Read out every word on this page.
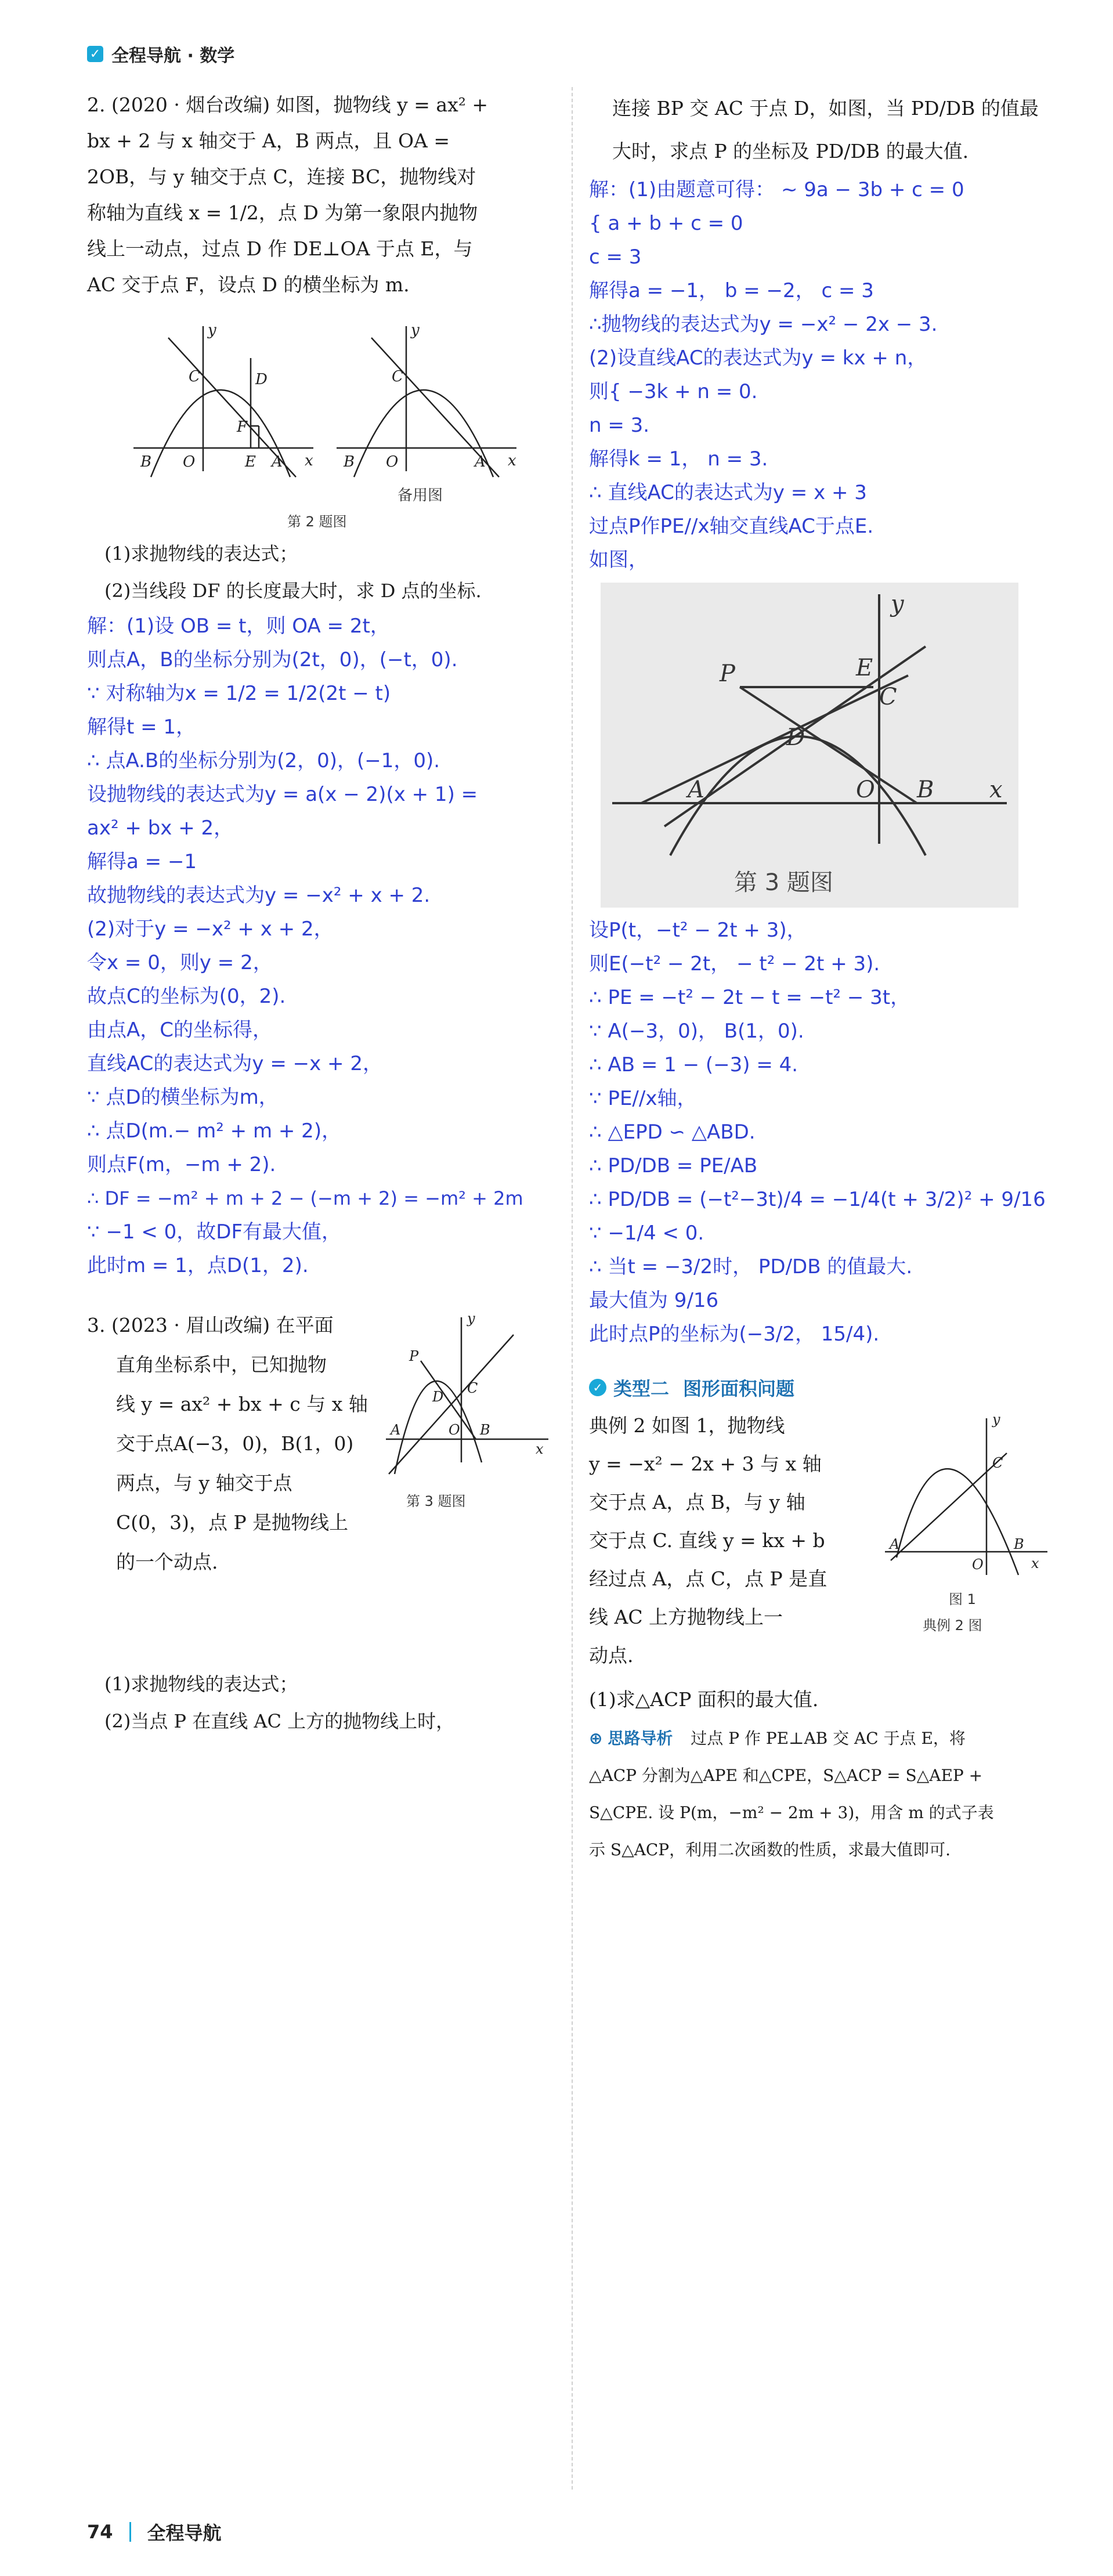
✓ 全程导航 · 数学

2. (2020 · 烟台改编) 如图，抛物线 y = ax² +

bx + 2 与 x 轴交于 A，B 两点，且 OA =

2OB，与 y 轴交于点 C，连接 BC，抛物线对

称轴为直线 x = 1/2，点 D 为第一象限内抛物

线上一动点，过点 D 作 DE⊥OA 于点 E，与

AC 交于点 F，设点 D 的横坐标为 m.

C	D
F
B O	E A x
y
C
B O	A x
y
备用图
第 2 题图

(1)求抛物线的表达式；

(2)当线段 DF 的长度最大时，求 D 点的坐标.

解：(1)设 OB = t，则 OA = 2t，

则点A，B的坐标分别为(2t，0)，(−t，0).

∵ 对称轴为x = 1/2 = 1/2(2t − t)

解得t = 1，

∴ 点A.B的坐标分别为(2，0)，(−1，0).

设抛物线的表达式为y = a(x − 2)(x + 1) =

ax² + bx + 2，

解得a = −1

故抛物线的表达式为y = −x² + x + 2.

(2)对于y = −x² + x + 2，

令x = 0，则y = 2，

故点C的坐标为(0，2).

由点A，C的坐标得，

直线AC的表达式为y = −x + 2，

∵ 点D的横坐标为m，

∴ 点D(m.− m² + m + 2)，

则点F(m，−m + 2).

∴ DF = −m² + m + 2 − (−m + 2) = −m² + 2m

∵ −1 < 0，故DF有最大值，

此时m = 1，点D(1，2).

3. (2023 · 眉山改编) 在平面

直角坐标系中，已知抛物

线 y = ax² + bx + c 与 x 轴

交于点A(−3，0)，B(1，0)

两点，与 y 轴交于点

C(0，3)，点 P 是抛物线上

的一个动点.

P
D
C
A	O B
x
y
第 3 题图

(1)求抛物线的表达式；

(2)当点 P 在直线 AC 上方的抛物线上时，

连接 BP 交 AC 于点 D，如图，当 PD/DB 的值最

大时，求点 P 的坐标及 PD/DB 的最大值.

解：(1)由题意可得： ∼ 9a − 3b + c = 0

{ a + b + c = 0

c = 3

解得a = −1， b = −2， c = 3

∴抛物线的表达式为y = −x² − 2x − 3.

(2)设直线AC的表达式为y = kx + n，

则{ −3k + n = 0.

n = 3.

解得k = 1， n = 3.

∴ 直线AC的表达式为y = x + 3

过点P作PE//x轴交直线AC于点E.

如图，

P	E
C
D
A	O B x
y
第 3 题图

设P(t，−t² − 2t + 3)，

则E(−t² − 2t， − t² − 2t + 3).

∴ PE = −t² − 2t − t = −t² − 3t，

∵ A(−3，0)， B(1，0).

∴ AB = 1 − (−3) = 4.

∵ PE//x轴，

∴ △EPD ∽ △ABD.

∴ PD/DB = PE/AB

∴ PD/DB = (−t²−3t)/4 = −1/4(t + 3/2)² + 9/16

∵ −1/4 < 0.

∴ 当t = −3/2时， PD/DB 的值最大.

最大值为 9/16

此时点P的坐标为(−3/2， 15/4).

✓ 类型二 图形面积问题

典例 2 如图 1，抛物线

y = −x² − 2x + 3 与 x 轴

交于点 A，点 B，与 y 轴

交于点 C. 直线 y = kx + b

经过点 A，点 C，点 P 是直

线 AC 上方抛物线上一

动点.

C
A
O
B
x
y
图 1
典例 2 图

(1)求△ACP 面积的最大值.

⊕ 思路导析 过点 P 作 PE⊥AB 交 AC 于点 E，将
△ACP 分割为△APE 和△CPE，S△ACP = S△AEP +
S△CPE. 设 P(m，−m² − 2m + 3)，用含 m 的式子表
示 S△ACP，利用二次函数的性质，求最大值即可.
74 全程导航
